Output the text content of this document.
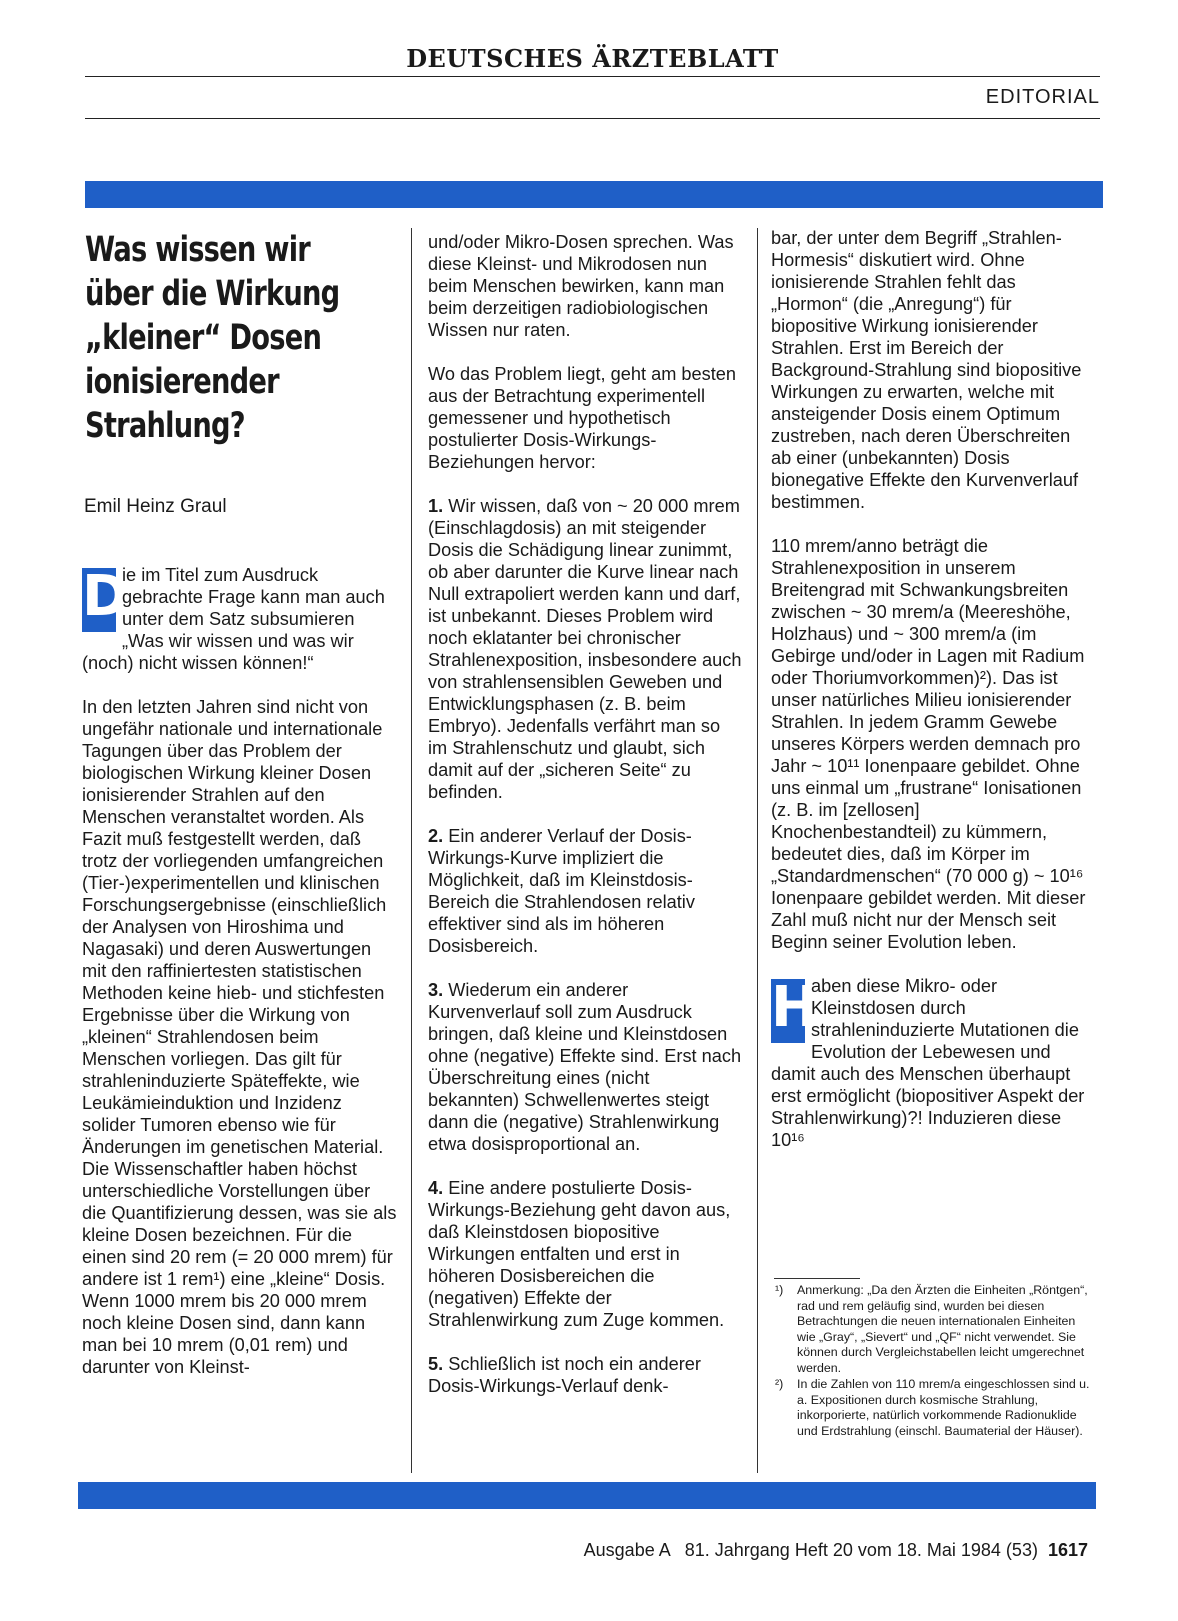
DEUTSCHES ÄRZTEBLATT
EDITORIAL
Was wissen wir
über die Wirkung
„kleiner“ Dosen
ionisierender
Strahlung?
Emil Heinz Graul

D
ie im Titel zum Ausdruck gebrachte Frage kann man auch unter dem Satz subsumieren „Was wir wissen und was wir (noch) nicht wissen können!“

In den letzten Jahren sind nicht von ungefähr nationale und internationale Tagungen über das Problem der biologischen Wirkung kleiner Dosen ionisierender Strahlen auf den Menschen veranstaltet worden. Als Fazit muß festgestellt werden, daß trotz der vorliegenden umfangreichen (Tier-)experimentellen und klinischen Forschungsergebnisse (einschließlich der Analysen von Hiroshima und Nagasaki) und deren Auswertungen mit den raffiniertesten statistischen Methoden keine hieb- und stichfesten Ergebnisse über die Wirkung von „kleinen“ Strahlendosen beim Menschen vorliegen. Das gilt für strahleninduzierte Späteffekte, wie Leukämieinduktion und Inzidenz solider Tumoren ebenso wie für Änderungen im genetischen Material. Die Wissenschaftler haben höchst unterschiedliche Vorstellungen über die Quantifizierung dessen, was sie als kleine Dosen bezeichnen. Für die einen sind 20 rem (= 20 000 mrem) für andere ist 1 rem¹) eine „kleine“ Dosis. Wenn 1000 mrem bis 20 000 mrem noch kleine Dosen sind, dann kann man bei 10 mrem (0,01 rem) und darunter von Kleinst-

und/oder Mikro-Dosen sprechen. Was diese Kleinst- und Mikrodosen nun beim Menschen bewirken, kann man beim derzeitigen radiobiologischen Wissen nur raten.

Wo das Problem liegt, geht am besten aus der Betrachtung experimentell gemessener und hypothetisch postulierter Dosis-Wirkungs-Beziehungen hervor:

1. Wir wissen, daß von ~ 20 000 mrem (Einschlagdosis) an mit steigender Dosis die Schädigung linear zunimmt, ob aber darunter die Kurve linear nach Null extrapoliert werden kann und darf, ist unbekannt. Dieses Problem wird noch eklatanter bei chronischer Strahlenexposition, insbesondere auch von strahlensensiblen Geweben und Entwicklungsphasen (z. B. beim Embryo). Jedenfalls verfährt man so im Strahlenschutz und glaubt, sich damit auf der „sicheren Seite“ zu befinden.

2. Ein anderer Verlauf der Dosis-Wirkungs-Kurve impliziert die Möglichkeit, daß im Kleinstdosis-Bereich die Strahlendosen relativ effektiver sind als im höheren Dosisbereich.

3. Wiederum ein anderer Kurvenverlauf soll zum Ausdruck bringen, daß kleine und Kleinstdosen ohne (negative) Effekte sind. Erst nach Überschreitung eines (nicht bekannten) Schwellenwertes steigt dann die (negative) Strahlenwirkung etwa dosisproportional an.

4. Eine andere postulierte Dosis-Wirkungs-Beziehung geht davon aus, daß Kleinstdosen biopositive Wirkungen entfalten und erst in höheren Dosisbereichen die (negativen) Effekte der Strahlenwirkung zum Zuge kommen.

5. Schließlich ist noch ein anderer Dosis-Wirkungs-Verlauf denk-

bar, der unter dem Begriff „Strahlen-Hormesis“ diskutiert wird. Ohne ionisierende Strahlen fehlt das „Hormon“ (die „Anregung“) für biopositive Wirkung ionisierender Strahlen. Erst im Bereich der Background-Strahlung sind biopositive Wirkungen zu erwarten, welche mit ansteigender Dosis einem Optimum zustreben, nach deren Überschreiten ab einer (unbekannten) Dosis bionegative Effekte den Kurvenverlauf bestimmen.

110 mrem/anno beträgt die Strahlenexposition in unserem Breitengrad mit Schwankungsbreiten zwischen ~ 30 mrem/a (Meereshöhe, Holzhaus) und ~ 300 mrem/a (im Gebirge und/oder in Lagen mit Radium oder Thoriumvorkommen)²). Das ist unser natürliches Milieu ionisierender Strahlen. In jedem Gramm Gewebe unseres Körpers werden demnach pro Jahr ~ 10¹¹ Ionenpaare gebildet. Ohne uns einmal um „frustrane“ Ionisationen (z. B. im [zellosen] Knochenbestandteil) zu kümmern, bedeutet dies, daß im Körper im „Standardmenschen“ (70 000 g) ~ 10¹⁶ Ionenpaare gebildet werden. Mit dieser Zahl muß nicht nur der Mensch seit Beginn seiner Evolution leben.

H
aben diese Mikro- oder Kleinstdosen durch strahleninduzierte Mutationen die Evolution der Lebewesen und damit auch des Menschen überhaupt erst ermöglicht (biopositiver Aspekt der Strahlenwirkung)?! Induzieren diese 10¹⁶

¹) Anmerkung: „Da den Ärzten die Einheiten „Röntgen“, rad und rem geläufig sind, wurden bei diesen Betrachtungen die neuen internationalen Einheiten wie „Gray“, „Sievert“ und „QF“ nicht verwendet. Sie können durch Vergleichstabellen leicht umgerechnet werden.
²) In die Zahlen von 110 mrem/a eingeschlossen sind u. a. Expositionen durch kosmische Strahlung, inkorporierte, natürlich vorkommende Radionuklide und Erdstrahlung (einschl. Baumaterial der Häuser).
Ausgabe A   81. Jahrgang Heft 20 vom 18. Mai 1984 (53) 1617
